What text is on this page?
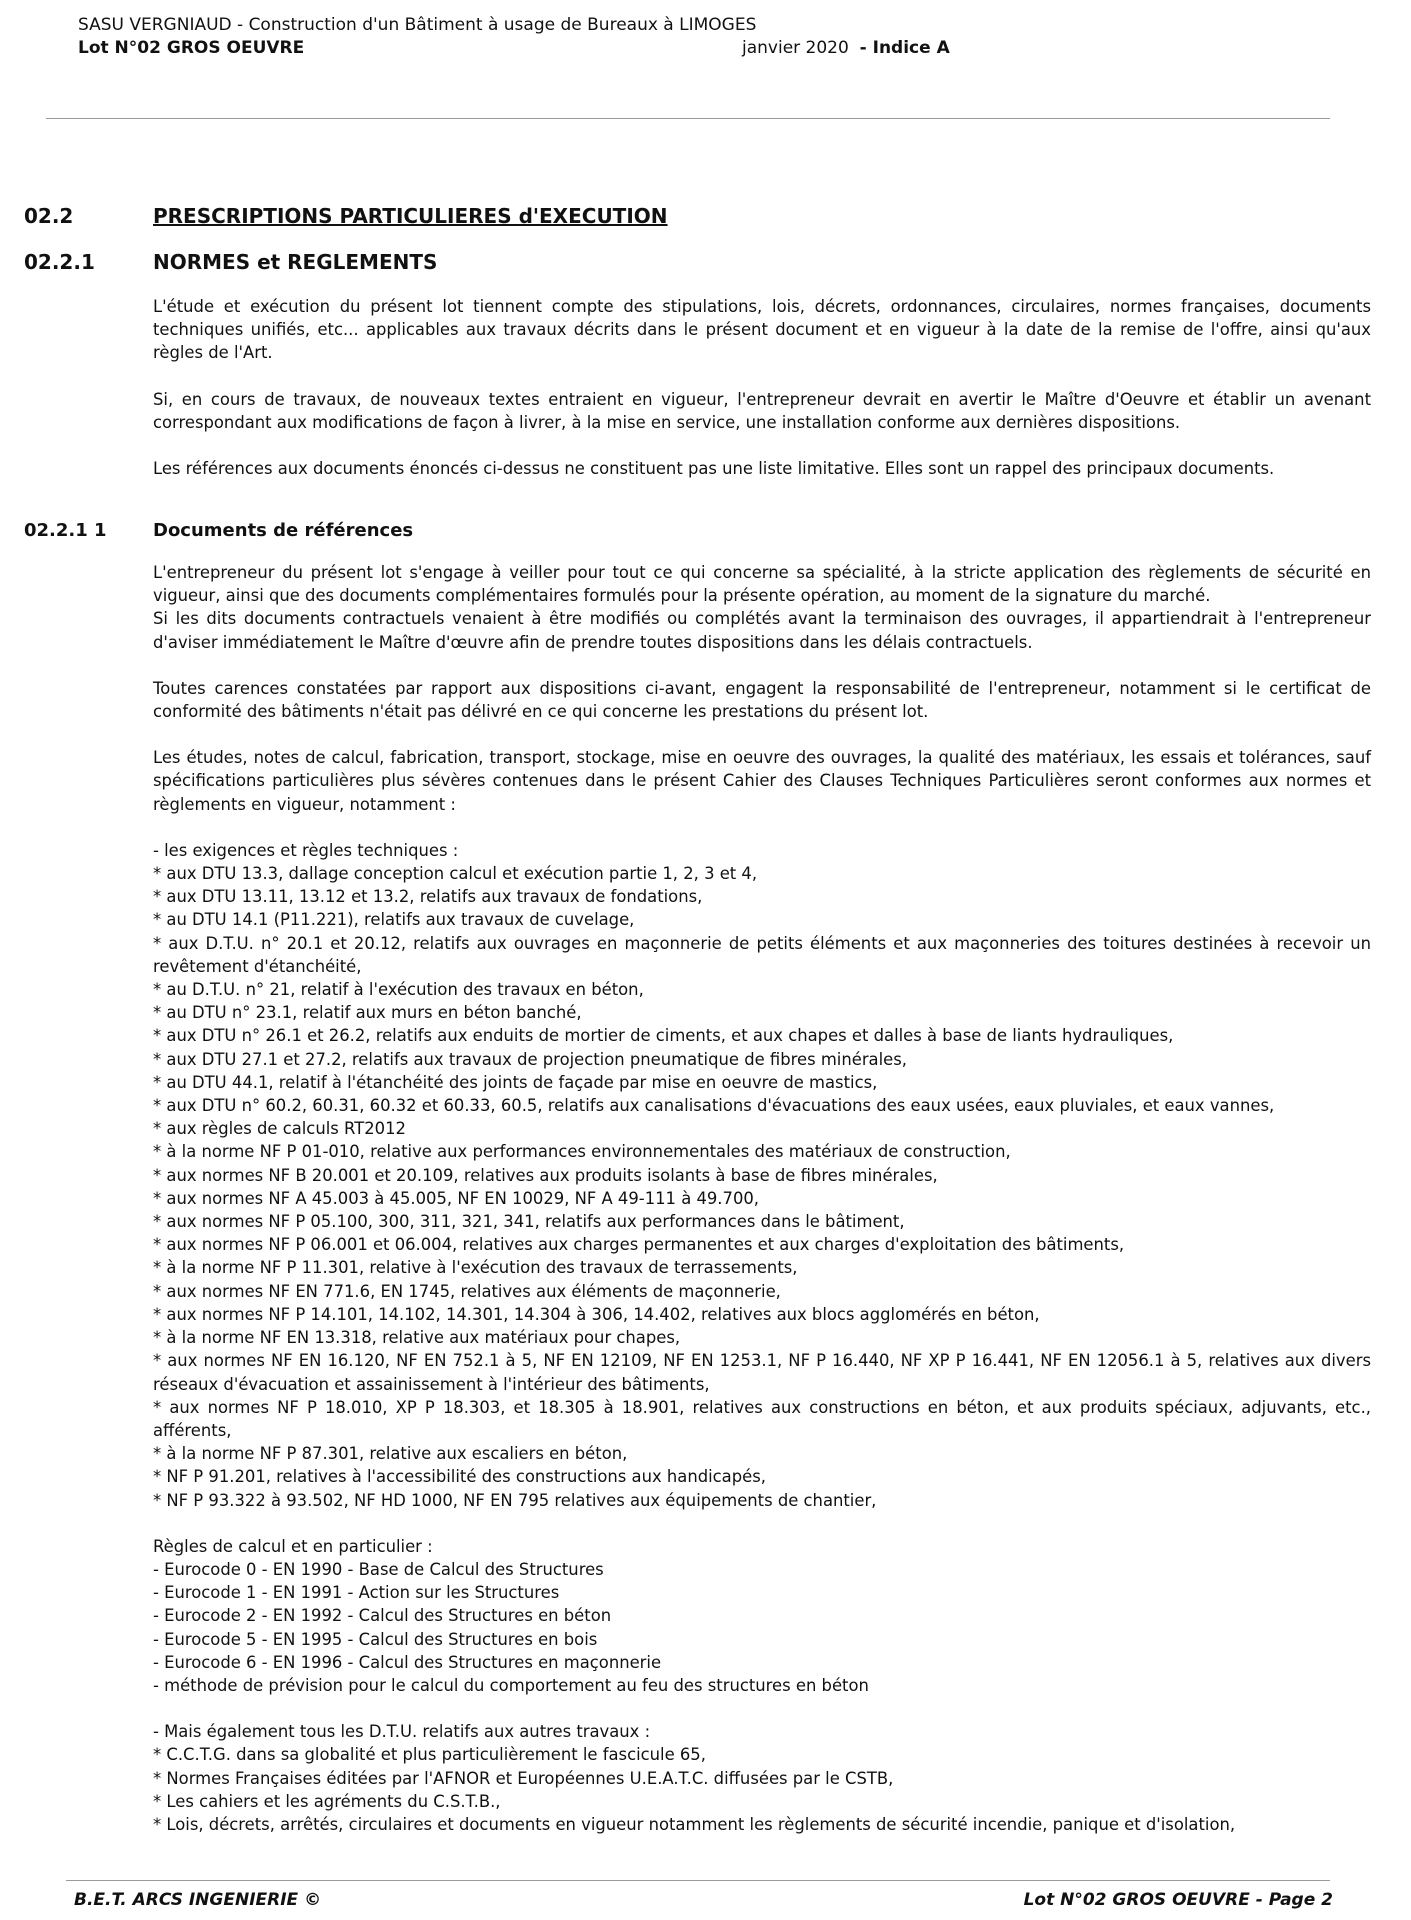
SASU VERGNIAUD - Construction d'un Bâtiment à usage de Bureaux à LIMOGES
Lot N°02 GROS OEUVRE	janvier 2020 - Indice A
02.2	PRESCRIPTIONS PARTICULIERES d'EXECUTION
02.2.1	NORMES et REGLEMENTS

L'étude et exécution du présent lot tiennent compte des stipulations, lois, décrets, ordonnances, circulaires, normes françaises, documents techniques unifiés, etc... applicables aux travaux décrits dans le présent document et en vigueur à la date de la remise de l'offre, ainsi qu'aux règles de l'Art.

Si, en cours de travaux, de nouveaux textes entraient en vigueur, l'entrepreneur devrait en avertir le Maître d'Oeuvre et établir un avenant correspondant aux modifications de façon à livrer, à la mise en service, une installation conforme aux dernières dispositions.

Les références aux documents énoncés ci-dessus ne constituent pas une liste limitative. Elles sont un rappel des principaux documents.

02.2.1 1	Documents de références

L'entrepreneur du présent lot s'engage à veiller pour tout ce qui concerne sa spécialité, à la stricte application des règlements de sécurité en vigueur, ainsi que des documents complémentaires formulés pour la présente opération, au moment de la signature du marché.

Si les dits documents contractuels venaient à être modifiés ou complétés avant la terminaison des ouvrages, il appartiendrait à l'entrepreneur d'aviser immédiatement le Maître d'œuvre afin de prendre toutes dispositions dans les délais contractuels.

Toutes carences constatées par rapport aux dispositions ci-avant, engagent la responsabilité de l'entrepreneur, notamment si le certificat de conformité des bâtiments n'était pas délivré en ce qui concerne les prestations du présent lot.

Les études, notes de calcul, fabrication, transport, stockage, mise en oeuvre des ouvrages, la qualité des matériaux, les essais et tolérances, sauf spécifications particulières plus sévères contenues dans le présent Cahier des Clauses Techniques Particulières seront conformes aux normes et règlements en vigueur, notamment :

- les exigences et règles techniques :
* aux DTU 13.3, dallage conception calcul et exécution partie 1, 2, 3 et 4,
* aux DTU 13.11, 13.12 et 13.2, relatifs aux travaux de fondations,
* au DTU 14.1 (P11.221), relatifs aux travaux de cuvelage,
* aux D.T.U. n° 20.1 et 20.12, relatifs aux ouvrages en maçonnerie de petits éléments et aux maçonneries des toitures destinées à recevoir un revêtement d'étanchéité,
* au D.T.U. n° 21, relatif à l'exécution des travaux en béton,
* au DTU n° 23.1, relatif aux murs en béton banché,
* aux DTU n° 26.1 et 26.2, relatifs aux enduits de mortier de ciments, et aux chapes et dalles à base de liants hydrauliques,
* aux DTU 27.1 et 27.2, relatifs aux travaux de projection pneumatique de fibres minérales,
* au DTU 44.1, relatif à l'étanchéité des joints de façade par mise en oeuvre de mastics,
* aux DTU n° 60.2, 60.31, 60.32 et 60.33, 60.5, relatifs aux canalisations d'évacuations des eaux usées, eaux pluviales, et eaux vannes,
* aux règles de calculs RT2012
* à la norme NF P 01-010, relative aux performances environnementales des matériaux de construction,
* aux normes NF B 20.001 et 20.109, relatives aux produits isolants à base de fibres minérales,
* aux normes NF A 45.003 à 45.005, NF EN 10029, NF A 49-111 à 49.700,
* aux normes NF P 05.100, 300, 311, 321, 341, relatifs aux performances dans le bâtiment,
* aux normes NF P 06.001 et 06.004, relatives aux charges permanentes et aux charges d'exploitation des bâtiments,
* à la norme NF P 11.301, relative à l'exécution des travaux de terrassements,
* aux normes NF EN 771.6, EN 1745, relatives aux éléments de maçonnerie,
* aux normes NF P 14.101, 14.102, 14.301, 14.304 à 306, 14.402, relatives aux blocs agglomérés en béton,
* à la norme NF EN 13.318, relative aux matériaux pour chapes,
* aux normes NF EN 16.120, NF EN 752.1 à 5, NF EN 12109, NF EN 1253.1, NF P 16.440, NF XP P 16.441, NF EN 12056.1 à 5, relatives aux divers réseaux d'évacuation et assainissement à l'intérieur des bâtiments,
* aux normes NF P 18.010, XP P 18.303, et 18.305 à 18.901, relatives aux constructions en béton, et aux produits spéciaux, adjuvants, etc., afférents,
* à la norme NF P 87.301, relative aux escaliers en béton,
* NF P 91.201, relatives à l'accessibilité des constructions aux handicapés,
* NF P 93.322 à 93.502, NF HD 1000, NF EN 795 relatives aux équipements de chantier,
Règles de calcul et en particulier :
- Eurocode 0 - EN 1990 - Base de Calcul des Structures
- Eurocode 1 - EN 1991 - Action sur les Structures
- Eurocode 2 - EN 1992 - Calcul des Structures en béton
- Eurocode 5 - EN 1995 - Calcul des Structures en bois
- Eurocode 6 - EN 1996 - Calcul des Structures en maçonnerie
- méthode de prévision pour le calcul du comportement au feu des structures en béton
- Mais également tous les D.T.U. relatifs aux autres travaux :
* C.C.T.G. dans sa globalité et plus particulièrement le fascicule 65,
* Normes Françaises éditées par l'AFNOR et Européennes U.E.A.T.C. diffusées par le CSTB,
* Les cahiers et les agréments du C.S.T.B.,
* Lois, décrets, arrêtés, circulaires et documents en vigueur notamment les règlements de sécurité incendie, panique et d'isolation,
B.E.T. ARCS INGENIERIE ©	Lot N°02 GROS OEUVRE - Page 2
